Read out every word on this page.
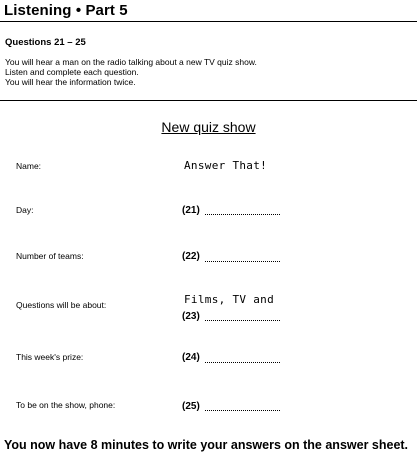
Listening • Part 5
Questions 21 – 25
You will hear a man on the radio talking about a new TV quiz show.
Listen and complete each question.
You will hear the information twice.
New quiz show
Name:	Answer That!
Day:	(21)
Number of teams:	(22)
Questions will be about:	Films, TV and
(23)
This week's prize:	(24)
To be on the show, phone:	(25)
You now have 8 minutes to write your answers on the answer sheet.
